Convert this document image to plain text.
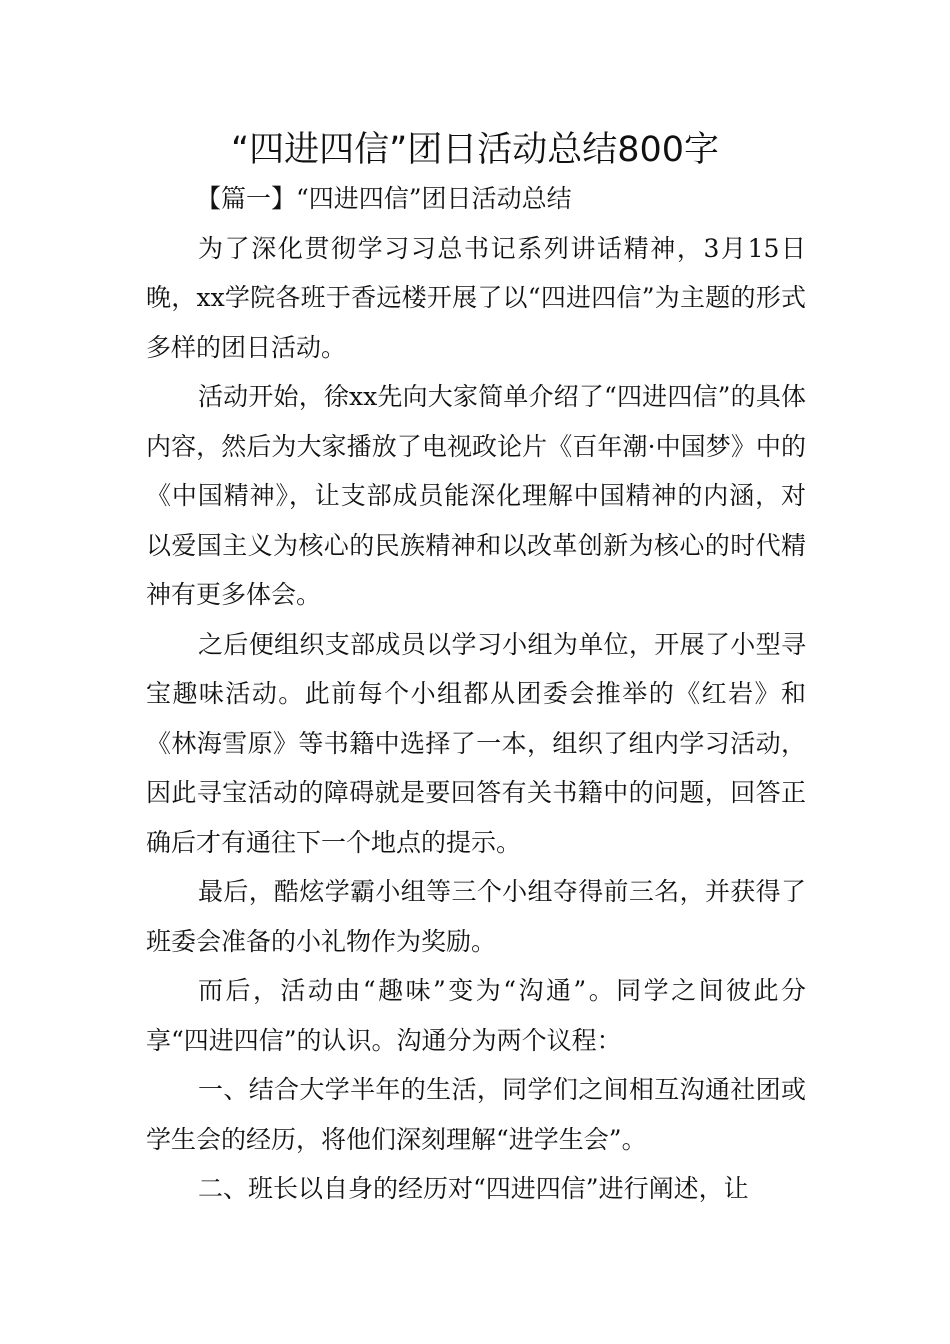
“四进四信”团日活动总结800字

【篇一】“四进四信”团日活动总结

为了深化贯彻学习习总书记系列讲话精神，3月15日晚，xx学院各班于香远楼开展了以“四进四信”为主题的形式多样的团日活动。

活动开始，徐xx先向大家简单介绍了“四进四信”的具体内容，然后为大家播放了电视政论片《百年潮·中国梦》中的《中国精神》，让支部成员能深化理解中国精神的内涵，对以爱国主义为核心的民族精神和以改革创新为核心的时代精神有更多体会。

之后便组织支部成员以学习小组为单位，开展了小型寻宝趣味活动。此前每个小组都从团委会推举的《红岩》和《林海雪原》等书籍中选择了一本，组织了组内学习活动，因此寻宝活动的障碍就是要回答有关书籍中的问题，回答正确后才有通往下一个地点的提示。

最后，酷炫学霸小组等三个小组夺得前三名，并获得了班委会准备的小礼物作为奖励。

而后，活动由“趣味”变为“沟通”。同学之间彼此分享“四进四信”的认识。沟通分为两个议程：

一、结合大学半年的生活，同学们之间相互沟通社团或学生会的经历，将他们深刻理解“进学生会”。

二、班长以自身的经历对“四进四信”进行阐述，让
